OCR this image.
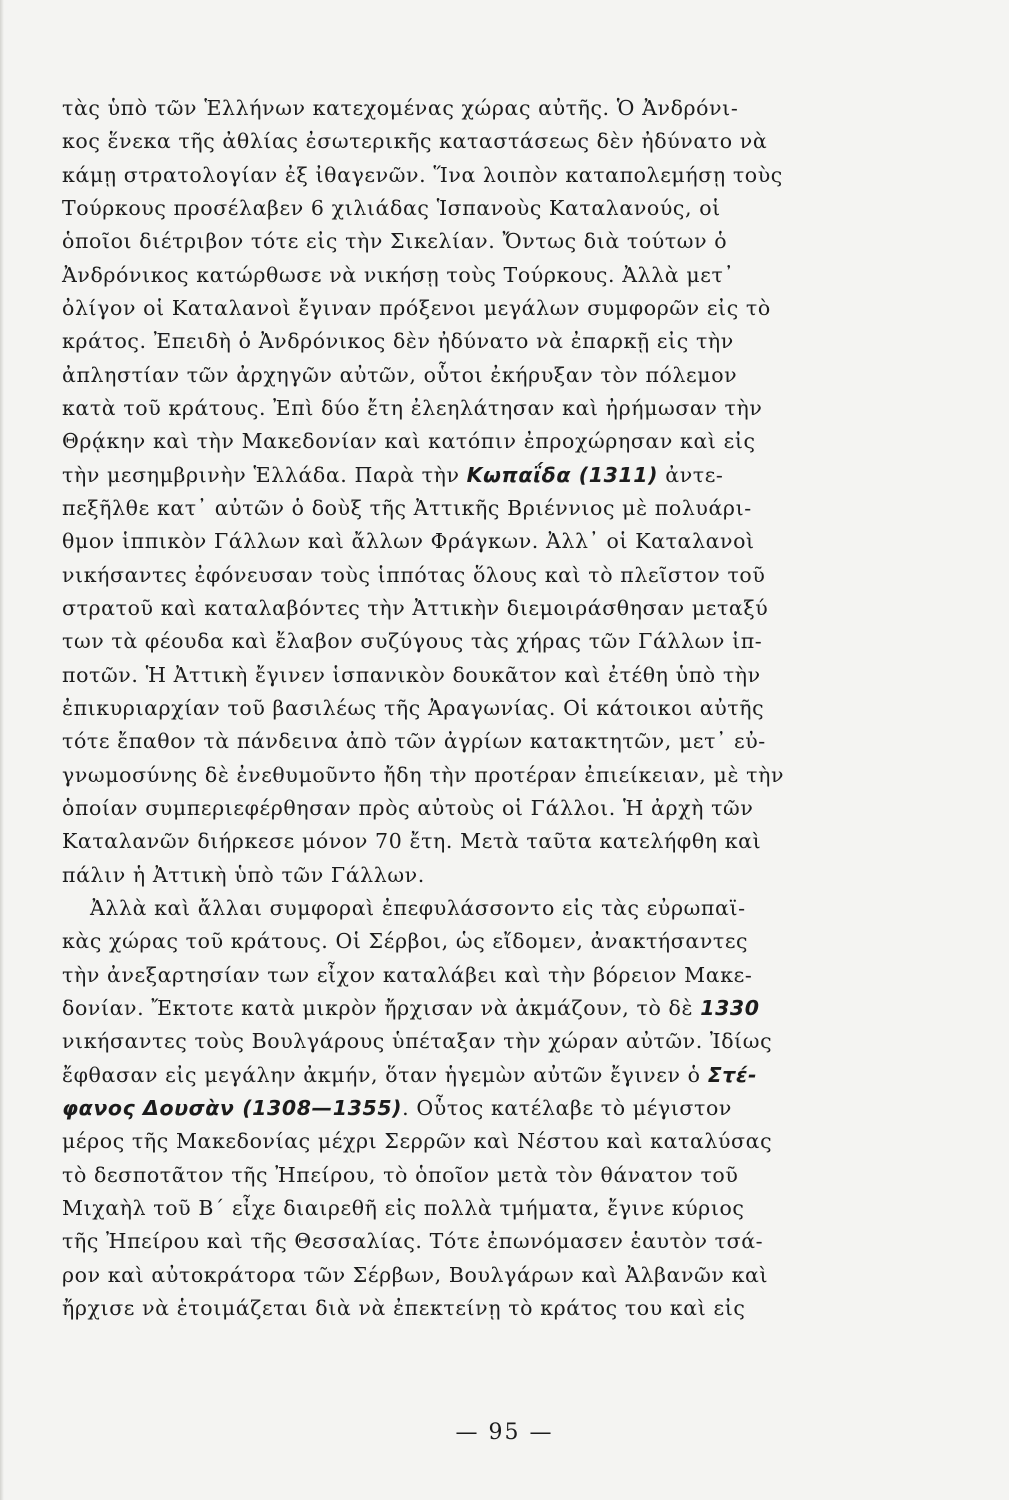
τὰς ὑπὸ τῶν Ἑλλήνων κατεχομένας χώρας αὐτῆς. Ὁ Ἀνδρόνι-
κος ἕνεκα τῆς ἀθλίας ἐσωτερικῆς καταστάσεως δὲν ἠδύνατο νὰ
κάμῃ στρατολογίαν ἐξ ἰθαγενῶν. Ἵνα λοιπὸν καταπολεμήσῃ τοὺς
Τούρκους προσέλαβεν 6 χιλιάδας Ἱσπανοὺς Καταλανούς, οἱ
ὁποῖοι διέτριβον τότε εἰς τὴν Σικελίαν. Ὄντως διὰ τούτων ὁ
Ἀνδρόνικος κατώρθωσε νὰ νικήσῃ τοὺς Τούρκους. Ἀλλὰ μετ᾽
ὀλίγον οἱ Καταλανοὶ ἔγιναν πρόξενοι μεγάλων συμφορῶν εἰς τὸ
κράτος. Ἐπειδὴ ὁ Ἀνδρόνικος δὲν ἠδύνατο νὰ ἐπαρκῇ εἰς τὴν
ἀπληστίαν τῶν ἀρχηγῶν αὐτῶν, οὗτοι ἐκήρυξαν τὸν πόλεμον
κατὰ τοῦ κράτους. Ἐπὶ δύο ἔτη ἐλεηλάτησαν καὶ ἠρήμωσαν τὴν
Θρᾴκην καὶ τὴν Μακεδονίαν καὶ κατόπιν ἐπροχώρησαν καὶ εἰς
τὴν μεσημβρινὴν Ἑλλάδα. Παρὰ τὴν Κωπαΐδα (1311) ἀντε-
πεξῆλθε κατ᾽ αὐτῶν ὁ δοὺξ τῆς Ἀττικῆς Βριέννιος μὲ πολυάρι-
θμον ἱππικὸν Γάλλων καὶ ἄλλων Φράγκων. Ἀλλ᾽ οἱ Καταλανοὶ
νικήσαντες ἐφόνευσαν τοὺς ἱππότας ὅλους καὶ τὸ πλεῖστον τοῦ
στρατοῦ καὶ καταλαβόντες τὴν Ἀττικὴν διεμοιράσθησαν μεταξύ
των τὰ φέουδα καὶ ἔλαβον συζύγους τὰς χήρας τῶν Γάλλων ἱπ-
ποτῶν. Ἡ Ἀττικὴ ἔγινεν ἱσπανικὸν δουκᾶτον καὶ ἐτέθη ὑπὸ τὴν
ἐπικυριαρχίαν τοῦ βασιλέως τῆς Ἀραγωνίας. Οἱ κάτοικοι αὐτῆς
τότε ἔπαθον τὰ πάνδεινα ἀπὸ τῶν ἀγρίων κατακτητῶν, μετ᾽ εὐ-
γνωμοσύνης δὲ ἐνεθυμοῦντο ἤδη τὴν προτέραν ἐπιείκειαν, μὲ τὴν
ὁποίαν συμπεριεφέρθησαν πρὸς αὐτοὺς οἱ Γάλλοι. Ἡ ἀρχὴ τῶν
Καταλανῶν διήρκεσε μόνον 70 ἔτη. Μετὰ ταῦτα κατελήφθη καὶ
πάλιν ἡ Ἀττικὴ ὑπὸ τῶν Γάλλων.
Ἀλλὰ καὶ ἄλλαι συμφοραὶ ἐπεφυλάσσοντο εἰς τὰς εὐρωπαϊ-
κὰς χώρας τοῦ κράτους. Οἱ Σέρβοι, ὡς εἴδομεν, ἀνακτήσαντες
τὴν ἀνεξαρτησίαν των εἶχον καταλάβει καὶ τὴν βόρειον Μακε-
δονίαν. Ἔκτοτε κατὰ μικρὸν ἤρχισαν νὰ ἀκμάζουν, τὸ δὲ 1330
νικήσαντες τοὺς Βουλγάρους ὑπέταξαν τὴν χώραν αὐτῶν. Ἰδίως
ἔφθασαν εἰς μεγάλην ἀκμήν, ὅταν ἡγεμὼν αὐτῶν ἔγινεν ὁ Στέ-
φανος Δουσὰν (1308—1355). Οὗτος κατέλαβε τὸ μέγιστον
μέρος τῆς Μακεδονίας μέχρι Σερρῶν καὶ Νέστου καὶ καταλύσας
τὸ δεσποτᾶτον τῆς Ἠπείρου, τὸ ὁποῖον μετὰ τὸν θάνατον τοῦ
Μιχαὴλ τοῦ Β΄ εἶχε διαιρεθῆ εἰς πολλὰ τμήματα, ἔγινε κύριος
τῆς Ἠπείρου καὶ τῆς Θεσσαλίας. Τότε ἐπωνόμασεν ἑαυτὸν τσά-
ρον καὶ αὐτοκράτορα τῶν Σέρβων, Βουλγάρων καὶ Ἀλβανῶν καὶ
ἤρχισε νὰ ἑτοιμάζεται διὰ νὰ ἐπεκτείνῃ τὸ κράτος του καὶ εἰς
— 95 —
